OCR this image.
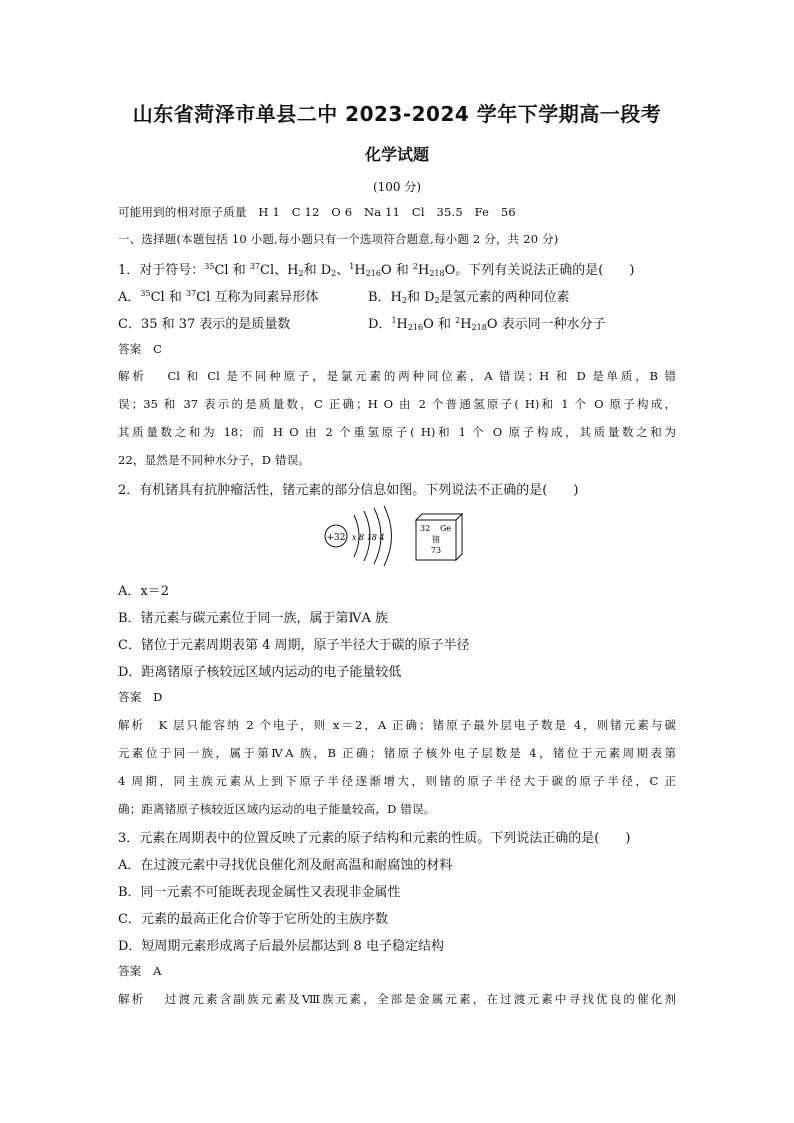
山东省菏泽市单县二中 2023-2024 学年下学期高一段考
化学试题
(100 分)
可能用到的相对原子质量　H 1　C 12　O 6　Na 11　Cl　35.5　Fe　56
一、选择题(本题包括 10 小题,每小题只有一个选项符合题意,每小题 2 分，共 20 分)
1．对于符号：$^{35}$Cl 和 $^{37}$Cl、$H_2$和 $D_2$、$^1H_{216}O$ 和 $^2H_{218}O$。下列有关说法正确的是(　　)
A．$^{35}$Cl 和 $^{37}$Cl 互称为同素异形体	B．$H_2$和 $D_2$是氢元素的两种同位素
C．35 和 37 表示的是质量数	D．$^1H_{216}O$ 和 $^2H_{218}O$ 表示同一种水分子
答案　C
解析　 Cl 和 Cl 是不同种原子，是氯元素的两种同位素，A 错误；H 和 D 是单质，B 错
误；35 和 37 表示的是质量数，C 正确；H O 由 2 个普通氢原子( H)和 1 个 O 原子构成，
其质量数之和为 18；而 H O 由 2 个重氢原子( H)和 1 个 O 原子构成，其质量数之和为
22，显然是不同种水分子，D 错误。
2．有机锗具有抗肿瘤活性，锗元素的部分信息如图。下列说法不正确的是(　　)
+32 x 8 18 4
32 Ge
锗
73
A．x＝2
B．锗元素与碳元素位于同一族，属于第ⅣA 族
C．锗位于元素周期表第 4 周期，原子半径大于碳的原子半径
D．距离锗原子核较远区域内运动的电子能量较低
答案　D
解析　K 层只能容纳 2 个电子，则 x＝2，A 正确；锗原子最外层电子数是 4，则锗元素与碳
元素位于同一族，属于第ⅣA 族，B 正确；锗原子核外电子层数是 4，锗位于元素周期表第
4 周期，同主族元素从上到下原子半径逐渐增大，则锗的原子半径大于碳的原子半径，C 正
确；距离锗原子核较近区域内运动的电子能量较高，D 错误。
3．元素在周期表中的位置反映了元素的原子结构和元素的性质。下列说法正确的是(　　)
A．在过渡元素中寻找优良催化剂及耐高温和耐腐蚀的材料
B．同一元素不可能既表现金属性又表现非金属性
C．元素的最高正化合价等于它所处的主族序数
D．短周期元素形成离子后最外层都达到 8 电子稳定结构
答案　A
解析　 过渡元素含副族元素及Ⅷ族元素，全部是金属元素，在过渡元素中寻找优良的催化剂
